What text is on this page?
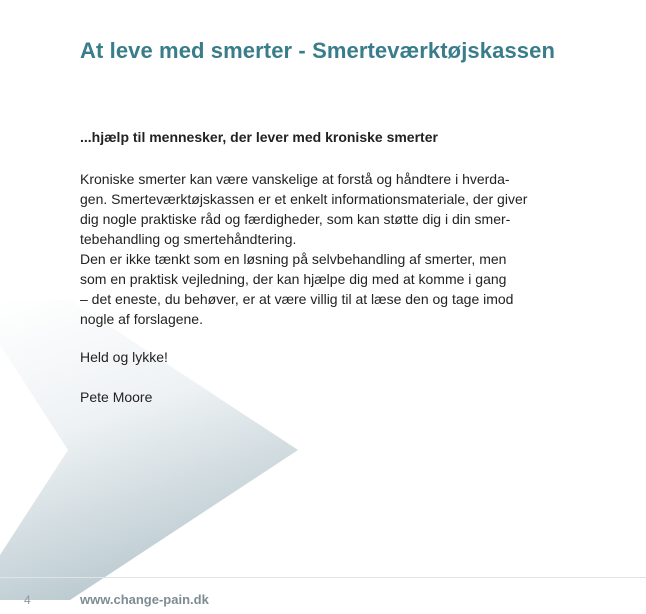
At leve med smerter - Smerteværktøjskassen

...hjælp til mennesker, der lever med kroniske smerter

Kroniske smerter kan være vanskelige at forstå og håndtere i hverda-
gen. Smerteværktøjskassen er et enkelt informationsmateriale, der giver
dig nogle praktiske råd og færdigheder, som kan støtte dig i din smer-
tebehandling og smertehåndtering.
Den er ikke tænkt som en løsning på selvbehandling af smerter, men
som en praktisk vejledning, der kan hjælpe dig med at komme i gang
– det eneste, du behøver, er at være villig til at læse den og tage imod
nogle af forslagene.

Held og lykke!

Pete Moore

4	www.change-pain.dk
